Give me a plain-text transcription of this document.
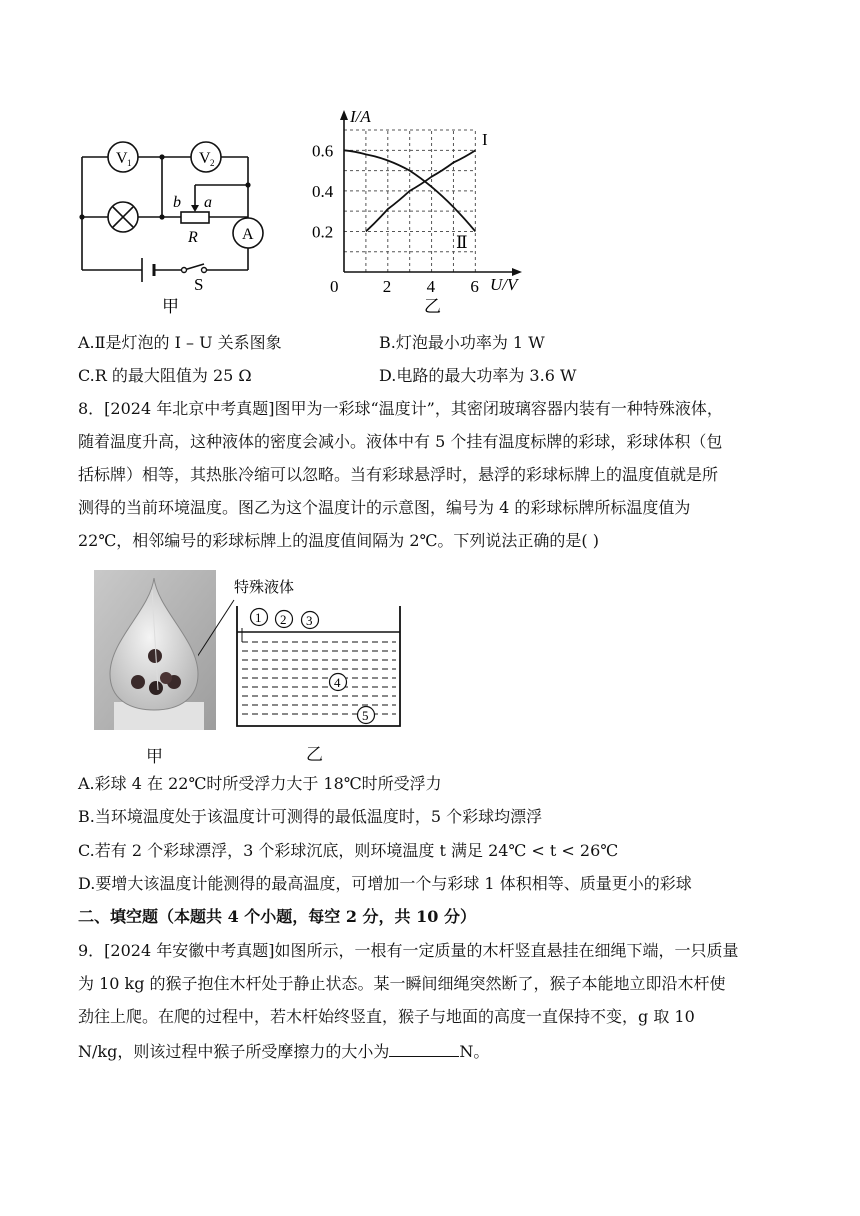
V 1	V 2
b a
R	A
S
甲
0	2 4 6
0.2
0.4
0.6
I/A
U/V
I
Ⅱ
乙
A.Ⅱ是灯泡的 I – U 关系图象	B.灯泡最小功率为 1 W
C.R 的最大阻值为 25 Ω	D.电路的最大功率为 3.6 W
8．[2024 年北京中考真题]图甲为一彩球“温度计”，其密闭玻璃容器内装有一种特殊液体，
随着温度升高，这种液体的密度会减小。液体中有 5 个挂有温度标牌的彩球，彩球体积（包
括标牌）相等，其热胀冷缩可以忽略。当有彩球悬浮时，悬浮的彩球标牌上的温度值就是所
测得的当前环境温度。图乙为这个温度计的示意图，编号为 4 的彩球标牌所标温度值为
22℃，相邻编号的彩球标牌上的温度值间隔为 2℃。下列说法正确的是( )
甲
特殊液体
1 2 3
4
5
乙
A.彩球 4 在 22℃时所受浮力大于 18℃时所受浮力
B.当环境温度处于该温度计可测得的最低温度时，5 个彩球均漂浮
C.若有 2 个彩球漂浮，3 个彩球沉底，则环境温度 t 满足 24℃ < t < 26℃
D.要增大该温度计能测得的最高温度，可增加一个与彩球 1 体积相等、质量更小的彩球
二、填空题（本题共 4 个小题，每空 2 分，共 10 分）
9．[2024 年安徽中考真题]如图所示，一根有一定质量的木杆竖直悬挂在细绳下端，一只质量
为 10 kg 的猴子抱住木杆处于静止状态。某一瞬间细绳突然断了，猴子本能地立即沿木杆使
劲往上爬。在爬的过程中，若木杆始终竖直，猴子与地面的高度一直保持不变，g 取 10
N/kg，则该过程中猴子所受摩擦力的大小为	N。
